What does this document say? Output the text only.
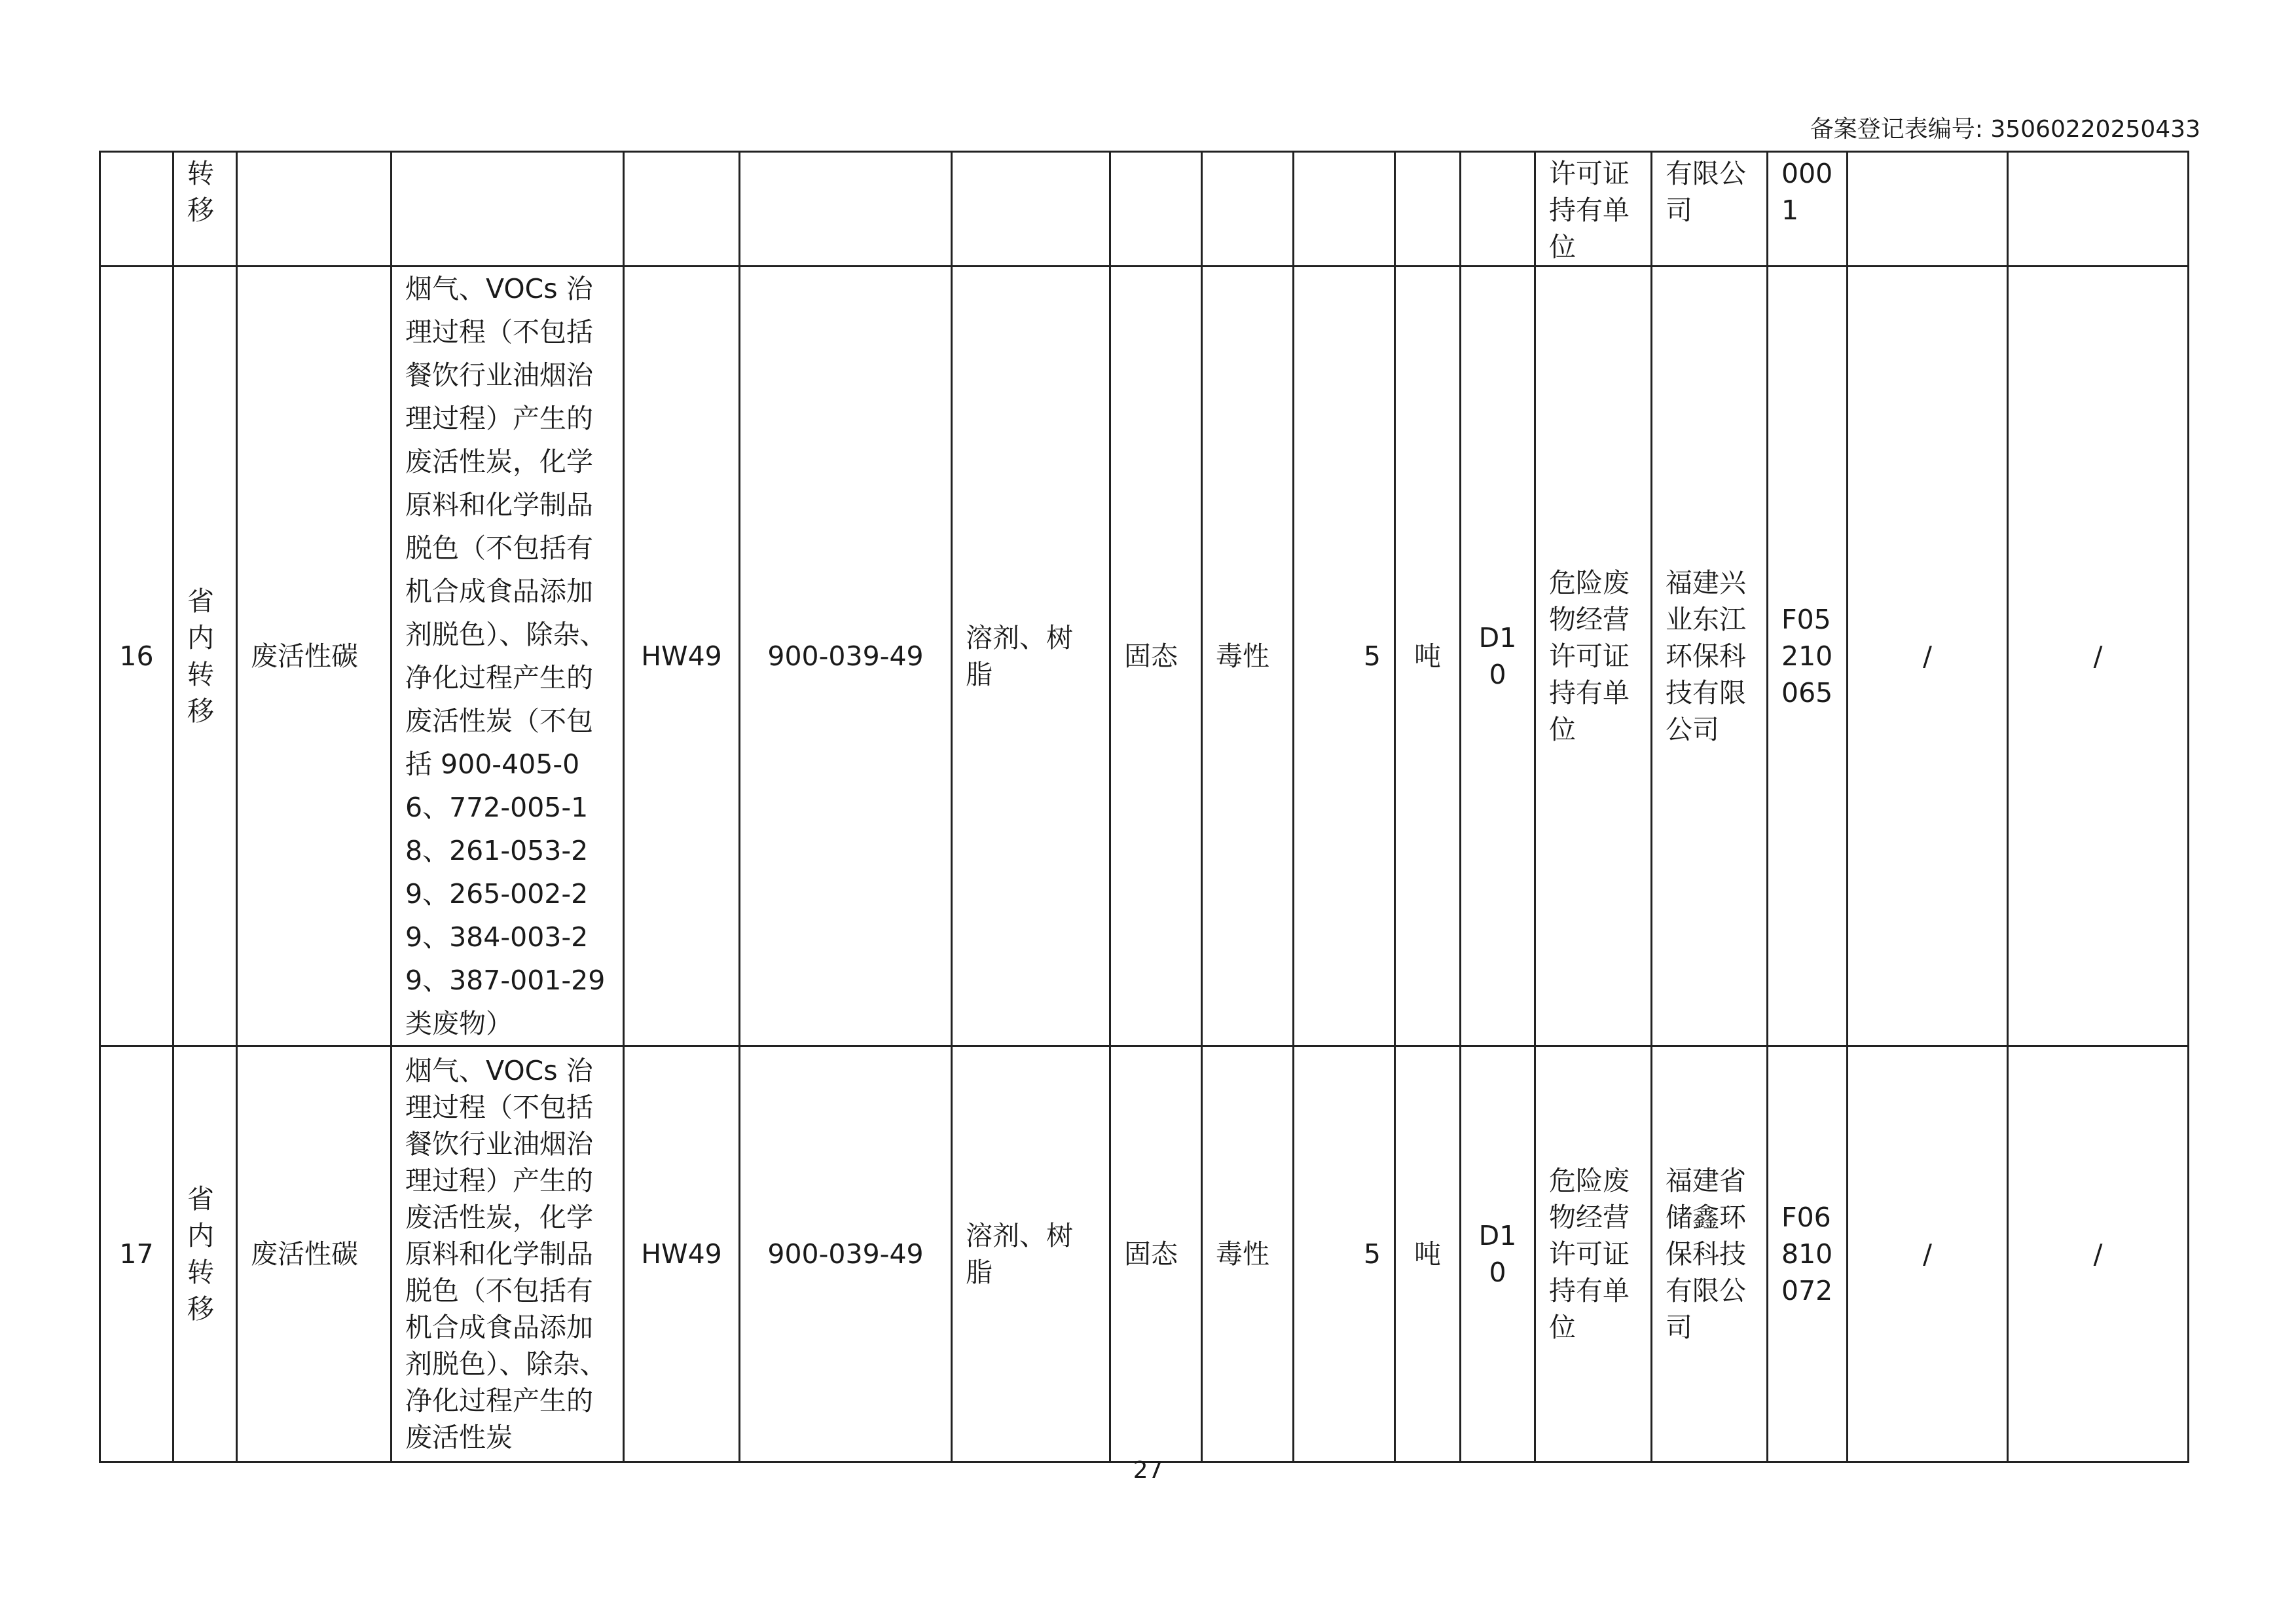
备案登记表编号: 35060220250433
	转移											许可证持有单位	有限公司	0001		
16	省内转移	废活性碳	烟气、VOCs 治理过程（不包括餐饮行业油烟治理过程）产生的废活性炭，化学原料和化学制品脱色（不包括有机合成食品添加剂脱色）、除杂、净化过程产生的废活性炭（不包括 900-405-06、772-005-18、261-053-29、265-002-29、384-003-29、387-001-29 类废物）	HW49	900-039-49	溶剂、树脂	固态	毒性	5	吨	D10	危险废物经营许可证持有单位	福建兴业东江环保科技有限公司	F05210065	/	/
17	省内转移	废活性碳	烟气、VOCs 治理过程（不包括餐饮行业油烟治理过程）产生的废活性炭，化学原料和化学制品脱色（不包括有机合成食品添加剂脱色）、除杂、净化过程产生的废活性炭	HW49	900-039-49	溶剂、树脂	固态	毒性	5	吨	D10	危险废物经营许可证持有单位	福建省储鑫环保科技有限公司	F06810072	/	/
27
